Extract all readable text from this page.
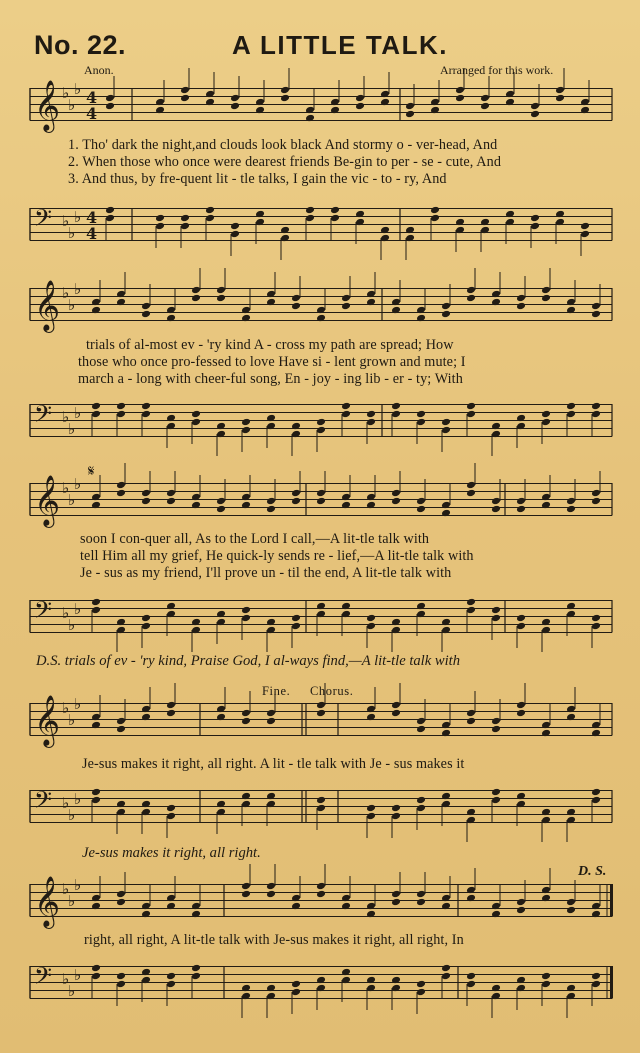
No. 22.	A LITTLE TALK.
Anon.	Arranged for this work.
𝄞 ♭
♭
♭ 4
4
1. Tho' dark the night,and clouds look black And stormy o - ver-head, And
2. When those who once were dearest friends Be-gin to per - se - cute, And
3. And thus, by fre-quent lit - tle talks, I gain the vic - to - ry, And
𝄢 ♭
♭
♭ 4
4
𝄞 ♭
♭
♭
trials of al-most ev - 'ry kind A - cross my path are spread; How
those who once pro-fessed to love Have si - lent grown and mute; I
march a - long with cheer-ful song, En - joy - ing lib - er - ty; With
𝄢 ♭
♭
♭
𝄋
𝄞 ♭
♭
♭
soon I con-quer all, As to the Lord I call,—A lit-tle talk with
tell Him all my grief, He quick-ly sends re - lief,—A lit-tle talk with
Je - sus as my friend, I'll prove un - til the end, A lit-tle talk with
𝄢 ♭
♭
♭
D.S. trials of ev - 'ry kind, Praise God, I al-ways find,—A lit-tle talk with
Fine. Chorus.
𝄞 ♭
♭
♭
Je-sus makes it right, all right. A lit - tle talk with Je - sus makes it
𝄢 ♭
♭
♭
Je-sus makes it right, all right.
D. S.
𝄞 ♭
♭
♭
right, all right, A lit-tle talk with Je-sus makes it right, all right, In
𝄢 ♭
♭
♭
